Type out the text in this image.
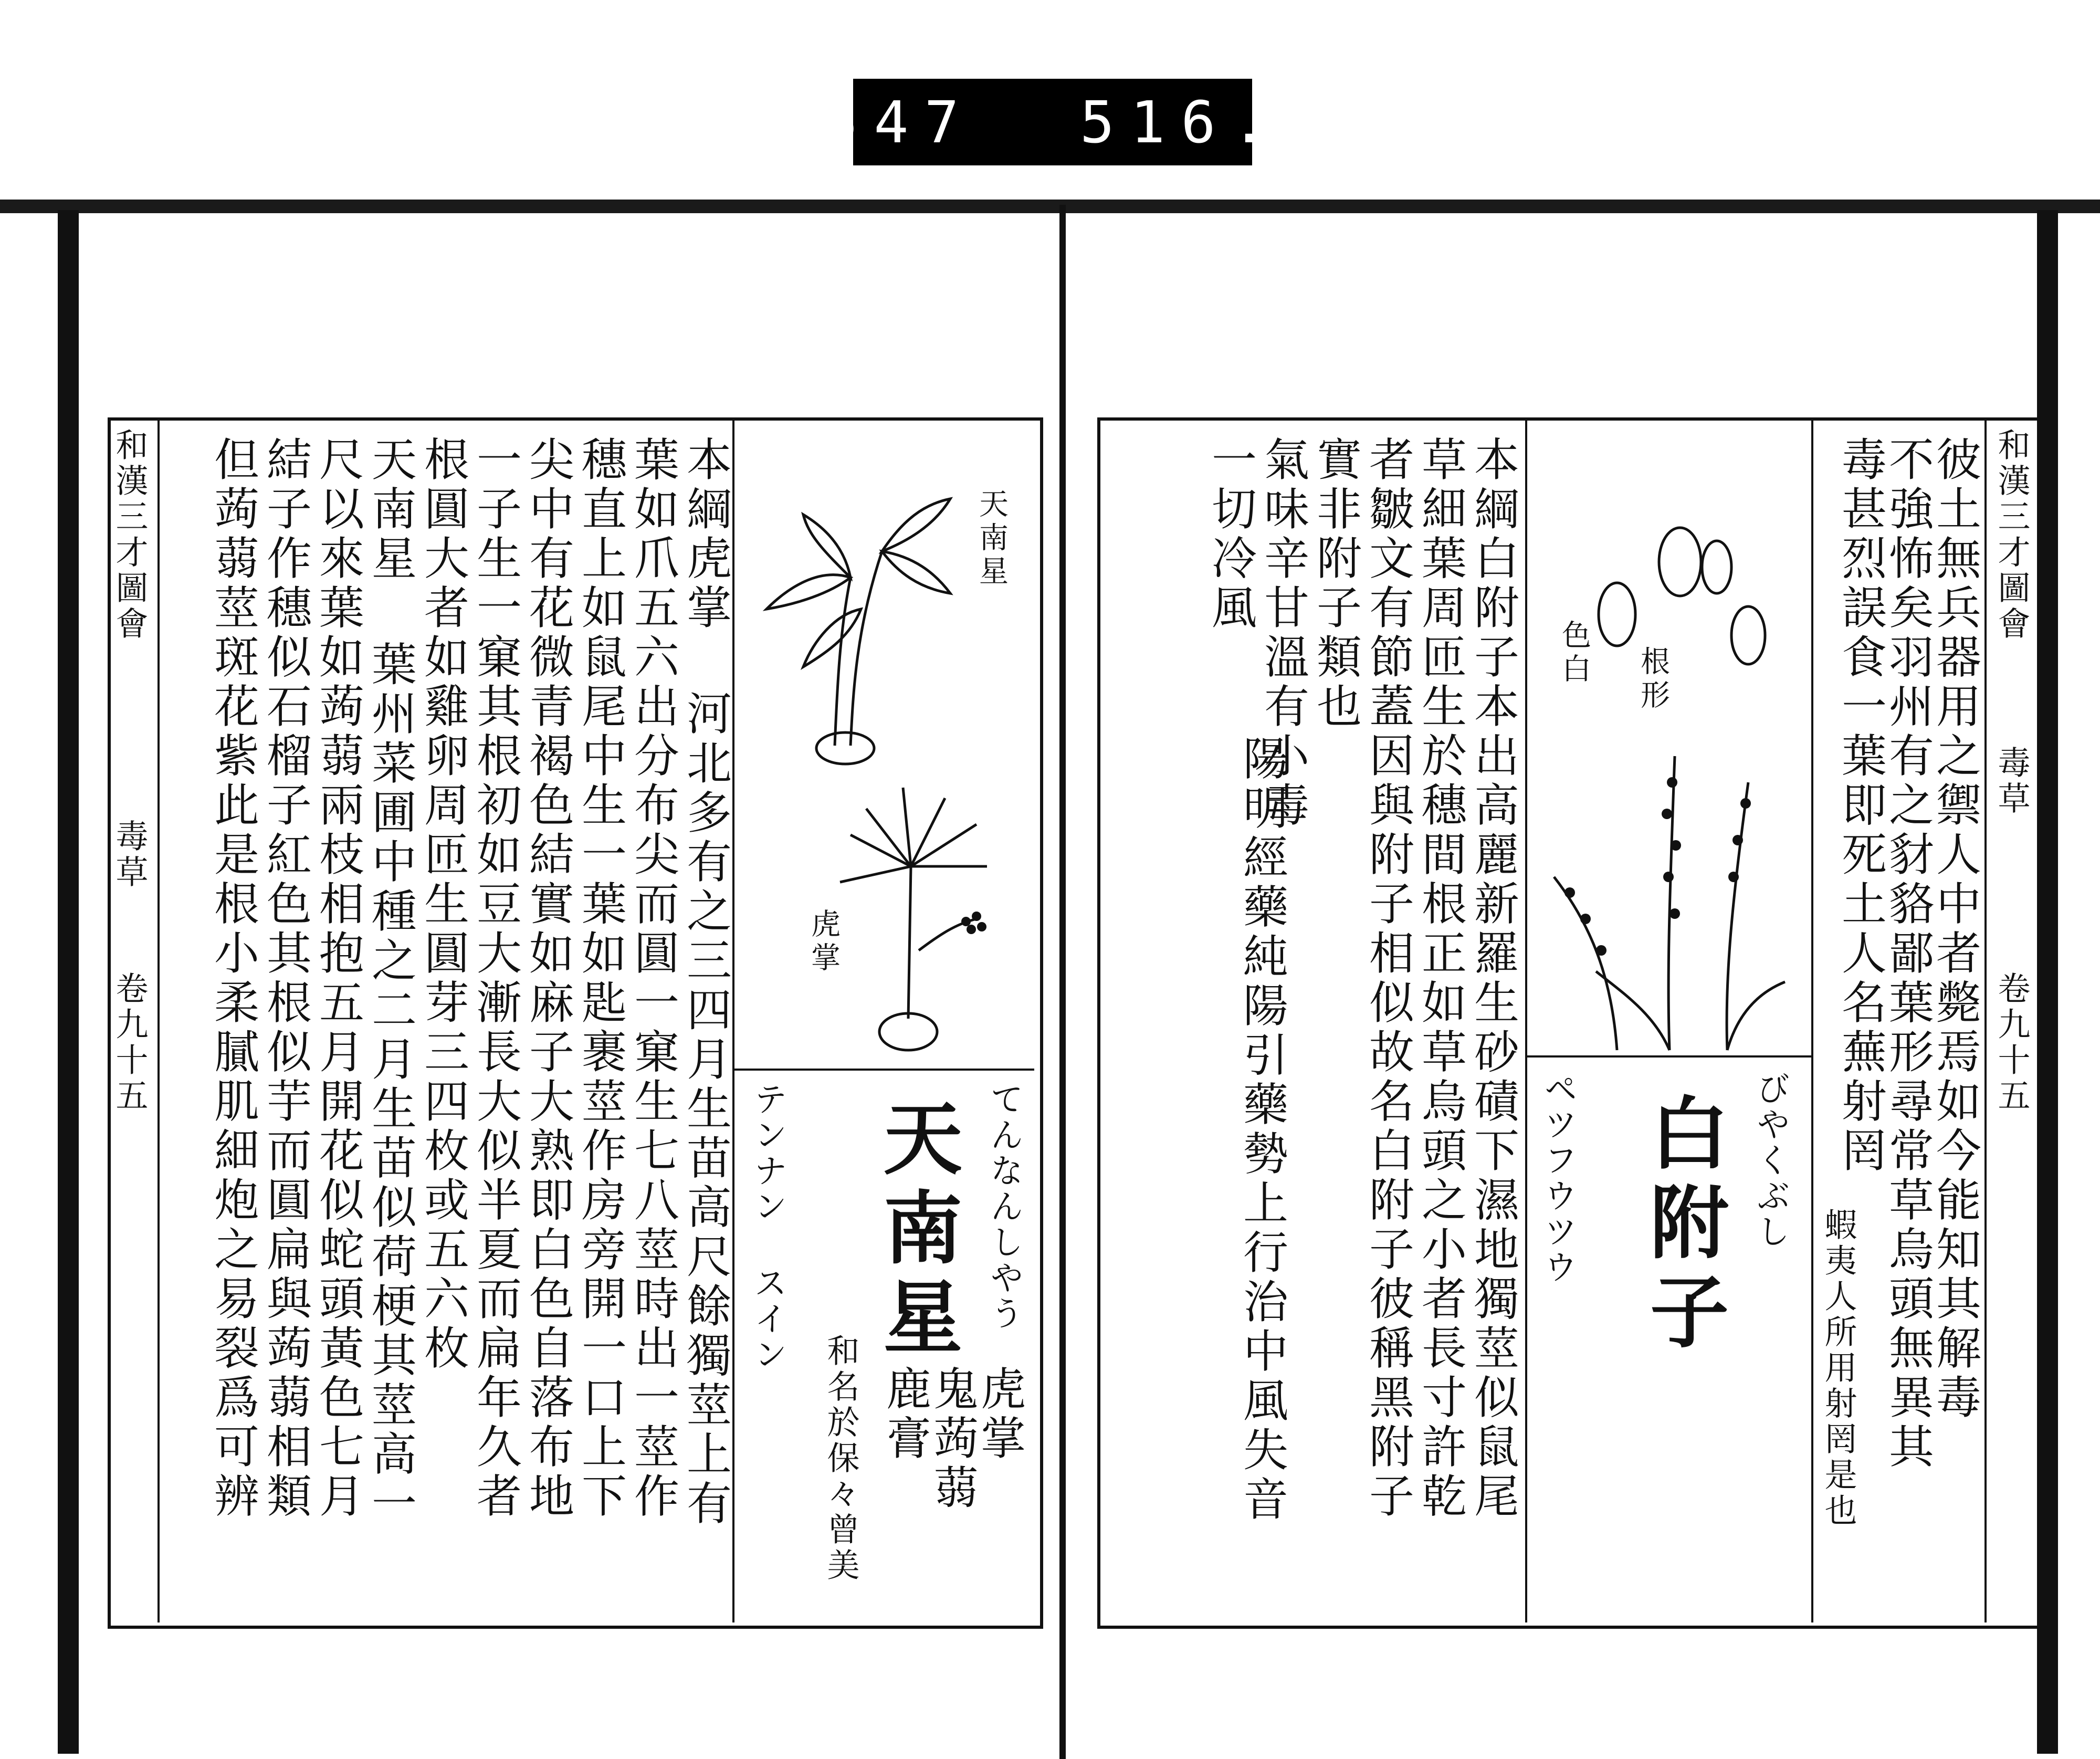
547 516.
和漢三才圖會
毒草
卷九十五	本綱虎掌 河北多有之三四月生苗高尺餘獨莖上有
葉如爪五六出分布尖而圓一窠生七八莖時出一莖作
穗直上如鼠尾中生一葉如匙裹莖作房旁開一口上下
尖中有花微青褐色結實如麻子大熟即白色自落布地
一子生一窠其根初如豆大漸長大似半夏而扁年久者
根圓大者如雞卵周匝生圓芽三四枚或五六枚
天南星 葉州菜圃中種之二月生苗似荷梗其莖高一
尺以來葉如蒟蒻兩枝相抱五月開花似蛇頭黃色七月
結子作穗似石榴子紅色其根似芋而圓扁與蒟蒻相類
但蒟蒻莖斑花紫此是根小柔膩肌細炮之易裂爲可辨	天南星
虎掌
てんなんしやう
天南星
テンナン スイン
虎掌
鬼蒟蒻
鹿膏
和名於保々曾美
和漢三才圖會
毒草
卷九十五
彼土無兵器用之禦人中者斃焉如今能知其解毒
不強怖矣羽州有之豺貉鄙葉形尋常草烏頭無異其
毒甚烈誤食一葉即死土人名蕪射罔
蝦夷人所用射罔是也
根形
色白
びやくぶし
白附子
ペツフウツウ
本綱白附子本出高麗新羅生砂磧下濕地獨莖似鼠尾
草細葉周匝生於穗間根正如草烏頭之小者長寸許乾
者皺文有節蓋因與附子相似故名白附子彼稱黑附子
實非附子類也
氣味辛甘溫有小毒
一切冷風
陽明經藥純陽引藥勢上行治中風失音
